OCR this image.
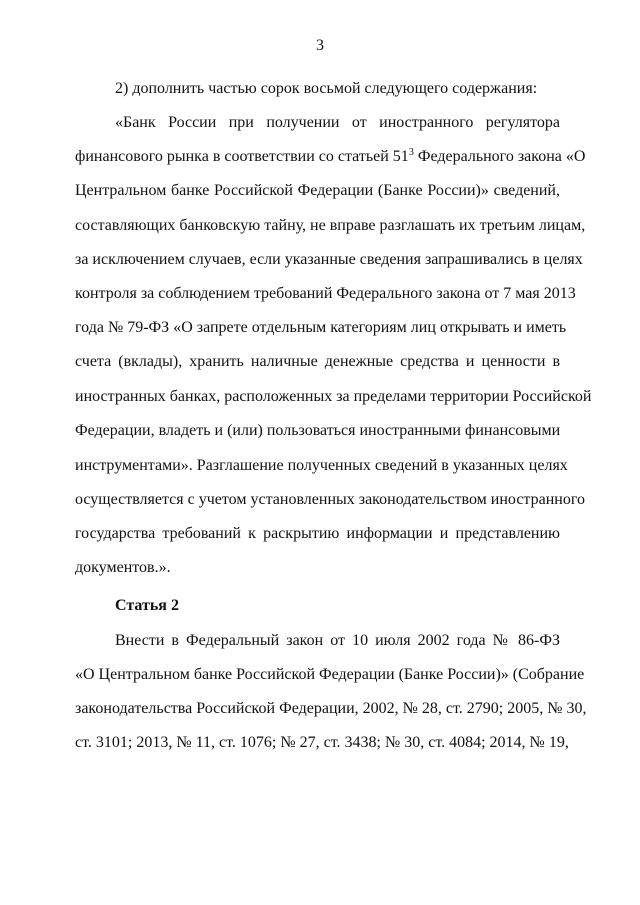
3
2) дополнить частью сорок восьмой следующего содержания:
«Банк России при получении от иностранного регулятора
финансового рынка в соответствии со статьей $51^3$ Федерального закона «О
Центральном банке Российской Федерации (Банке России)» сведений,
составляющих банковскую тайну, не вправе разглашать их третьим лицам,
за исключением случаев, если указанные сведения запрашивались в целях
контроля за соблюдением требований Федерального закона от 7 мая 2013
года № 79-ФЗ «О запрете отдельным категориям лиц открывать и иметь
счета (вклады), хранить наличные денежные средства и ценности в
иностранных банках, расположенных за пределами территории Российской
Федерации, владеть и (или) пользоваться иностранными финансовыми
инструментами». Разглашение полученных сведений в указанных целях
осуществляется с учетом установленных законодательством иностранного
государства требований к раскрытию информации и представлению
документов.».
Статья 2
Внести в Федеральный закон от 10 июля 2002 года № 86-ФЗ
«О Центральном банке Российской Федерации (Банке России)» (Собрание
законодательства Российской Федерации, 2002, № 28, ст. 2790; 2005, № 30,
ст. 3101; 2013, № 11, ст. 1076; № 27, ст. 3438; № 30, ст. 4084; 2014, № 19,
